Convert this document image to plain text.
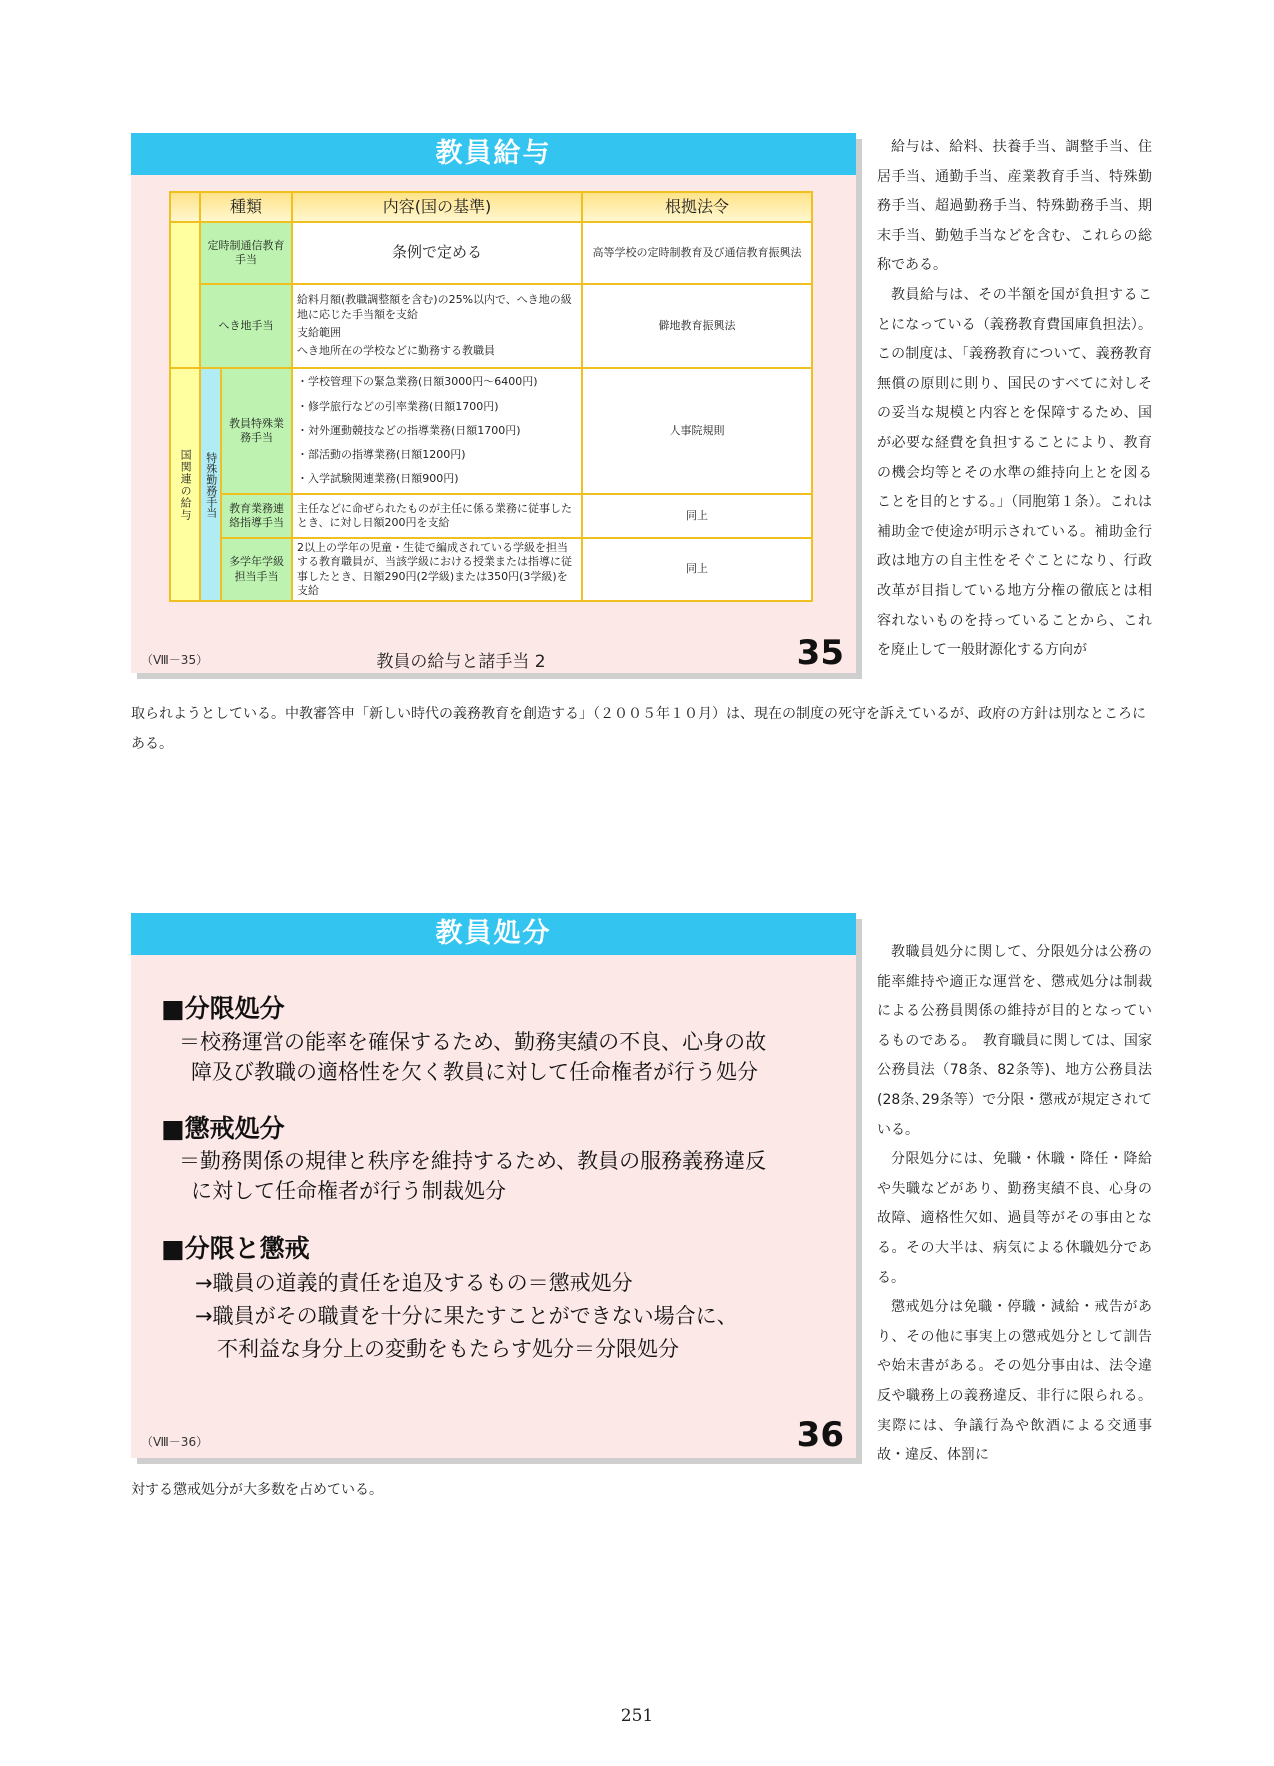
教員給与
	種類		内容(国の基準)	根拠法令
	定時制通信教育手当		条例で定める	高等学校の定時制教育及び通信教育振興法
	へき地手当		給料月額(教職調整額を含む)の25%以内で、へき地の級地に応じた手当額を支給
支給範囲
へき地所在の学校などに勤務する教職員	僻地教育振興法
国関連の給与	特殊勤務手当	教員特殊業務手当	・学校管理下の緊急業務(日額3000円～6400円)
・修学旅行などの引率業務(日額1700円)
・対外運動競技などの指導業務(日額1700円)
・部活動の指導業務(日額1200円)
・入学試験関連業務(日額900円)	人事院規則
		教育業務連絡指導手当	主任などに命ぜられたものが主任に係る業務に従事したとき、に対し日額200円を支給	同上
		多学年学級担当手当	2以上の学年の児童・生徒で編成されている学級を担当する教育職員が、当該学級における授業または指導に従事したとき、日額290円(2学級)または350円(3学級)を支給	同上
（Ⅷ－35）	教員の給与と諸手当 2	35

給与は、給料、扶養手当、調整手当、住居手当、通勤手当、産業教育手当、特殊勤務手当、超過勤務手当、特殊勤務手当、期末手当、勤勉手当などを含む、これらの総称である。

教員給与は、その半額を国が負担することになっている（義務教育費国庫負担法）。この制度は、「義務教育について、義務教育無償の原則に則り、国民のすべてに対しその妥当な規模と内容とを保障するため、国が必要な経費を負担することにより、教育の機会均等とその水準の維持向上とを図ることを目的とする。」（同胞第１条）。これは補助金で使途が明示されている。補助金行政は地方の自主性をそぐことになり、行政改革が目指している地方分権の徹底とは相容れないものを持っていることから、これを廃止して一般財源化する方向が

取られようとしている。中教審答申「新しい時代の義務教育を創造する」（２００５年１０月）は、現在の制度の死守を訴えているが、政府の方針は別なところにある。
教員処分
■分限処分
＝校務運営の能率を確保するため、勤務実績の不良、心身の故
障及び教職の適格性を欠く教員に対して任命権者が行う処分
■懲戒処分
＝勤務関係の規律と秩序を維持するため、教員の服務義務違反
に対して任命権者が行う制裁処分
■分限と懲戒
→職員の道義的責任を追及するもの＝懲戒処分
→職員がその職責を十分に果たすことができない場合に、
不利益な身分上の変動をもたらす処分＝分限処分
（Ⅷ－36）	36

教職員処分に関して、分限処分は公務の能率維持や適正な運営を、懲戒処分は制裁による公務員関係の維持が目的となっているものである。　教育職員に関しては、国家公務員法（78条、82条等)、地方公務員法(28条､29条等）で分限・懲戒が規定されている。

分限処分には、免職・休職・降任・降給や失職などがあり、勤務実績不良、心身の故障、適格性欠如、過員等がその事由となる。その大半は、病気による休職処分である。

懲戒処分は免職・停職・減給・戒告があり、その他に事実上の懲戒処分として訓告や始末書がある。その処分事由は、法令違反や職務上の義務違反、非行に限られる。実際には、争議行為や飲酒による交通事故・違反、体罰に

対する懲戒処分が大多数を占めている。
251
